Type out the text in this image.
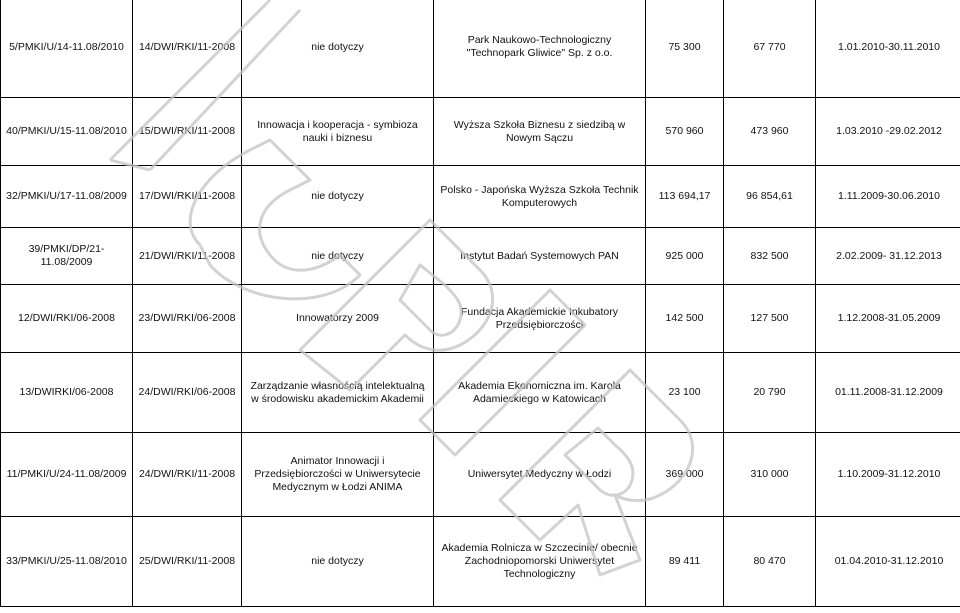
5/PMKI/U/14-11.08/2010	14/DWI/RKI/11-2008	nie dotyczy	Park Naukowo-Technologiczny "Technopark Gliwice" Sp. z o.o.	75 300	67 770	1.01.2010-30.11.2010
40/PMKI/U/15-11.08/2010	15/DWI/RKI/11-2008	Innowacja i kooperacja - symbioza nauki i biznesu	Wyższa Szkoła Biznesu z siedzibą w Nowym Sączu	570 960	473 960	1.03.2010 -29.02.2012
32/PMKI/U/17-11.08/2009	17/DWI/RKI/11-2008	nie dotyczy	Polsko - Japońska Wyższa Szkoła Technik Komputerowych	113 694,17	96 854,61	1.11.2009-30.06.2010
39/PMKI/DP/21-11.08/2009	21/DWI/RKI/11-2008	nie dotyczy	Instytut Badań Systemowych PAN	925 000	832 500	2.02.2009- 31.12.2013
12/DWI/RKI/06-2008	23/DWI/RKI/06-2008	Innowatorzy 2009	Fundacja Akademickie Inkubatory Przedsiębiorczości	142 500	127 500	1.12.2008-31.05.2009
13/DWIRKI/06-2008	24/DWI/RKI/06-2008	Zarządzanie własnością intelektualną w środowisku akademickim Akademii	Akademia Ekonomiczna im. Karola Adamieckiego w Katowicach	23 100	20 790	01.11.2008-31.12.2009
11/PMKI/U/24-11.08/2009	24/DWI/RKI/11-2008	Animator Innowacji i Przedsiębiorczości w Uniwersytecie Medycznym w Łodzi ANIMA	Uniwersytet Medyczny w Łodzi	369 000	310 000	1.10.2009-31.12.2010
33/PMKI/U/25-11.08/2010	25/DWI/RKI/11-2008	nie dotyczy	Akademia Rolnicza w Szczecinie/ obecnie Zachodniopomorski Uniwersytet Technologiczny	89 411	80 470	01.04.2010-31.12.2010
